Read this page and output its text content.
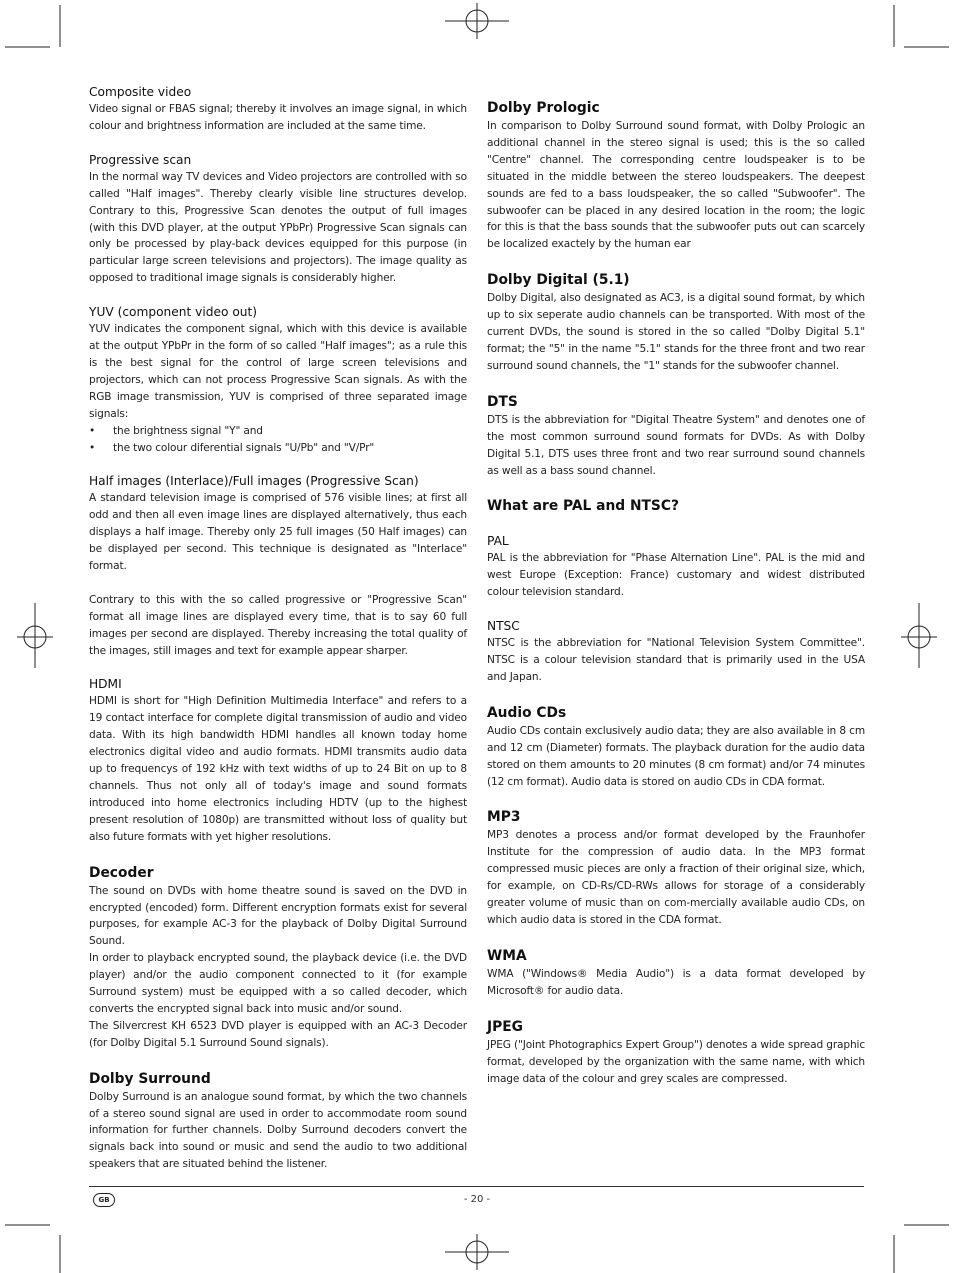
Composite video

Video signal or FBAS signal; thereby it involves an image signal, in which colour and brightness information are included at the same time.

Progressive scan

In the normal way TV devices and Video projectors are controlled with so called "Half images". Thereby clearly visible line structures develop. Contrary to this, Progressive Scan denotes the output of full images (with this DVD player, at the output YPbPr) Progressive Scan signals can only be processed by play-back devices equipped for this purpose (in particular large screen televisions and projectors). The image quality as opposed to traditional image signals is considerably higher.

YUV (component video out)

YUV indicates the component signal, which with this device is available at the output YPbPr in the form of so called "Half images"; as a rule this is the best signal for the control of large screen televisions and projectors, which can not process Progressive Scan signals. As with the RGB image transmission, YUV is comprised of three separated image signals:

• the brightness signal "Y" and
• the two colour diferential signals "U/Pb" and "V/Pr"
Half images (Interlace)/Full images (Progressive Scan)

A standard television image is comprised of 576 visible lines; at first all odd and then all even image lines are displayed alternatively, thus each displays a half image. Thereby only 25 full images (50 Half images) can be displayed per second. This technique is designated as "Interlace" format.

Contrary to this with the so called progressive or "Progressive Scan" format all image lines are displayed every time, that is to say 60 full images per second are displayed. Thereby increasing the total quality of the images, still images and text for example appear sharper.

HDMI

HDMI is short for "High Definition Multimedia Interface" and refers to a 19 contact interface for complete digital transmission of audio and video data. With its high bandwidth HDMI handles all known today home electronics digital video and audio formats. HDMI transmits audio data up to frequencys of 192 kHz with text widths of up to 24 Bit on up to 8 channels. Thus not only all of today's image and sound formats introduced into home electronics including HDTV (up to the highest present resolution of 1080p) are transmitted without loss of quality but also future formats with yet higher resolutions.

Decoder

The sound on DVDs with home theatre sound is saved on the DVD in encrypted (encoded) form. Different encryption formats exist for several purposes, for example AC-3 for the playback of Dolby Digital Surround Sound.

In order to playback encrypted sound, the playback device (i.e. the DVD player) and/or the audio component connected to it (for example Surround system) must be equipped with a so called decoder, which converts the encrypted signal back into music and/or sound.

The Silvercrest KH 6523 DVD player is equipped with an AC-3 Decoder (for Dolby Digital 5.1 Surround Sound signals).

Dolby Surround

Dolby Surround is an analogue sound format, by which the two channels of a stereo sound signal are used in order to accommodate room sound information for further channels. Dolby Surround decoders convert the signals back into sound or music and send the audio to two additional speakers that are situated behind the listener.

Dolby Prologic

In comparison to Dolby Surround sound format, with Dolby Prologic an additional channel in the stereo signal is used; this is the so called "Centre" channel. The corresponding centre loudspeaker is to be situated in the middle between the stereo loudspeakers. The deepest sounds are fed to a bass loudspeaker, the so called "Subwoofer". The subwoofer can be placed in any desired location in the room; the logic for this is that the bass sounds that the subwoofer puts out can scarcely be localized exactely by the human ear

Dolby Digital (5.1)

Dolby Digital, also designated as AC3, is a digital sound format, by which up to six seperate audio channels can be transported. With most of the current DVDs, the sound is stored in the so called "Dolby Digital 5.1" format; the "5" in the name "5.1" stands for the three front and two rear surround sound channels, the "1" stands for the subwoofer channel.

DTS

DTS is the abbreviation for "Digital Theatre System" and denotes one of the most common surround sound formats for DVDs. As with Dolby Digital 5.1, DTS uses three front and two rear surround sound channels as well as a bass sound channel.

What are PAL and NTSC?
PAL

PAL is the abbreviation for "Phase Alternation Line". PAL is the mid and west Europe (Exception: France) customary and widest distributed colour television standard.

NTSC

NTSC is the abbreviation for "National Television System Committee". NTSC is a colour television standard that is primarily used in the USA and Japan.

Audio CDs

Audio CDs contain exclusively audio data; they are also available in 8 cm and 12 cm (Diameter) formats. The playback duration for the audio data stored on them amounts to 20 minutes (8 cm format) and/or 74 minutes (12 cm format). Audio data is stored on audio CDs in CDA format.

MP3

MP3 denotes a process and/or format developed by the Fraunhofer Institute for the compression of audio data. In the MP3 format compressed music pieces are only a fraction of their original size, which, for example, on CD-Rs/CD-RWs allows for storage of a considerably greater volume of music than on com-mercially available audio CDs, on which audio data is stored in the CDA format.

WMA

WMA ("Windows® Media Audio") is a data format developed by Microsoft® for audio data.

JPEG

JPEG ("Joint Photographics Expert Group") denotes a wide spread graphic format, developed by the organization with the same name, with which image data of the colour and grey scales are compressed.

GB	- 20 -
